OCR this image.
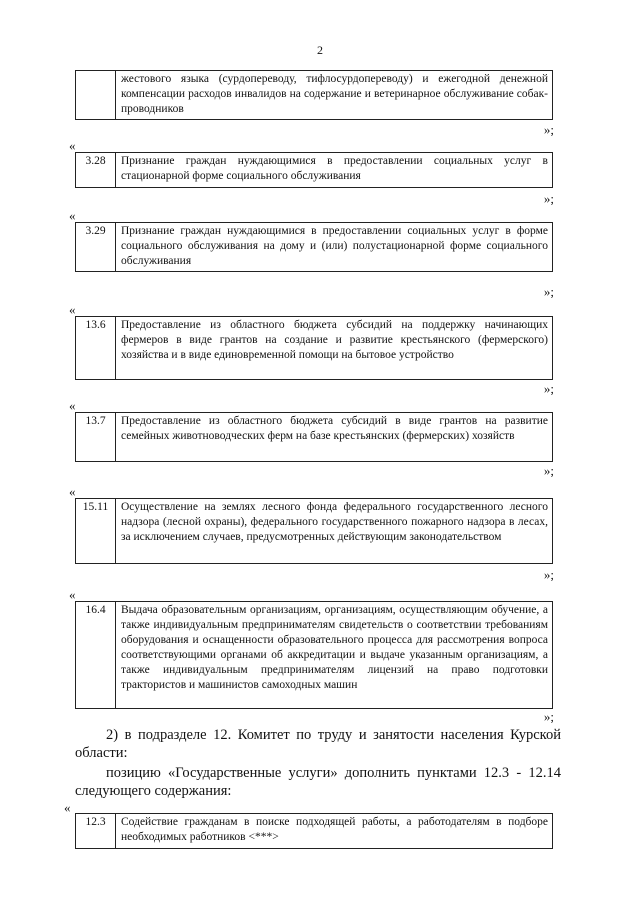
2
жестового языка (сурдопереводу, тифлосурдопереводу) и ежегодной денежной компенсации расходов инвалидов на содержание и ветеринарное обслуживание собак-проводников
»;
«
3.28	Признание граждан нуждающимися в предоставлении социальных услуг в стационарной форме социального обслуживания
»;
«
3.29	Признание граждан нуждающимися в предоставлении социальных услуг в форме социального обслуживания на дому и (или) полустационарной форме социального обслуживания
»;
«
13.6	Предоставление из областного бюджета субсидий на поддержку начинающих фермеров в виде грантов на создание и развитие крестьянского (фермерского) хозяйства и в виде единовременной помощи на бытовое устройство
»;
«
13.7	Предоставление из областного бюджета субсидий в виде грантов на развитие семейных животноводческих ферм на базе крестьянских (фермерских) хозяйств
»;
«
15.11	Осуществление на землях лесного фонда федерального государственного лесного надзора (лесной охраны), федерального государственного пожарного надзора в лесах, за исключением случаев, предусмотренных действующим законодательством
»;
«
16.4	Выдача образовательным организациям, организациям, осуществляющим обучение, а также индивидуальным предпринимателям свидетельств о соответствии требованиям оборудования и оснащенности образовательного процесса для рассмотрения вопроса соответствующими органами об аккредитации и выдаче указанным организациям, а также индивидуальным предпринимателям лицензий на право подготовки трактористов и машинистов самоходных машин
»;
2) в подразделе 12. Комитет по труду и занятости населения Курской области:
позицию «Государственные услуги» дополнить пунктами 12.3 - 12.14 следующего содержания:
«
12.3	Содействие гражданам в поиске подходящей работы, а работодателям в подборе необходимых работников <***>
